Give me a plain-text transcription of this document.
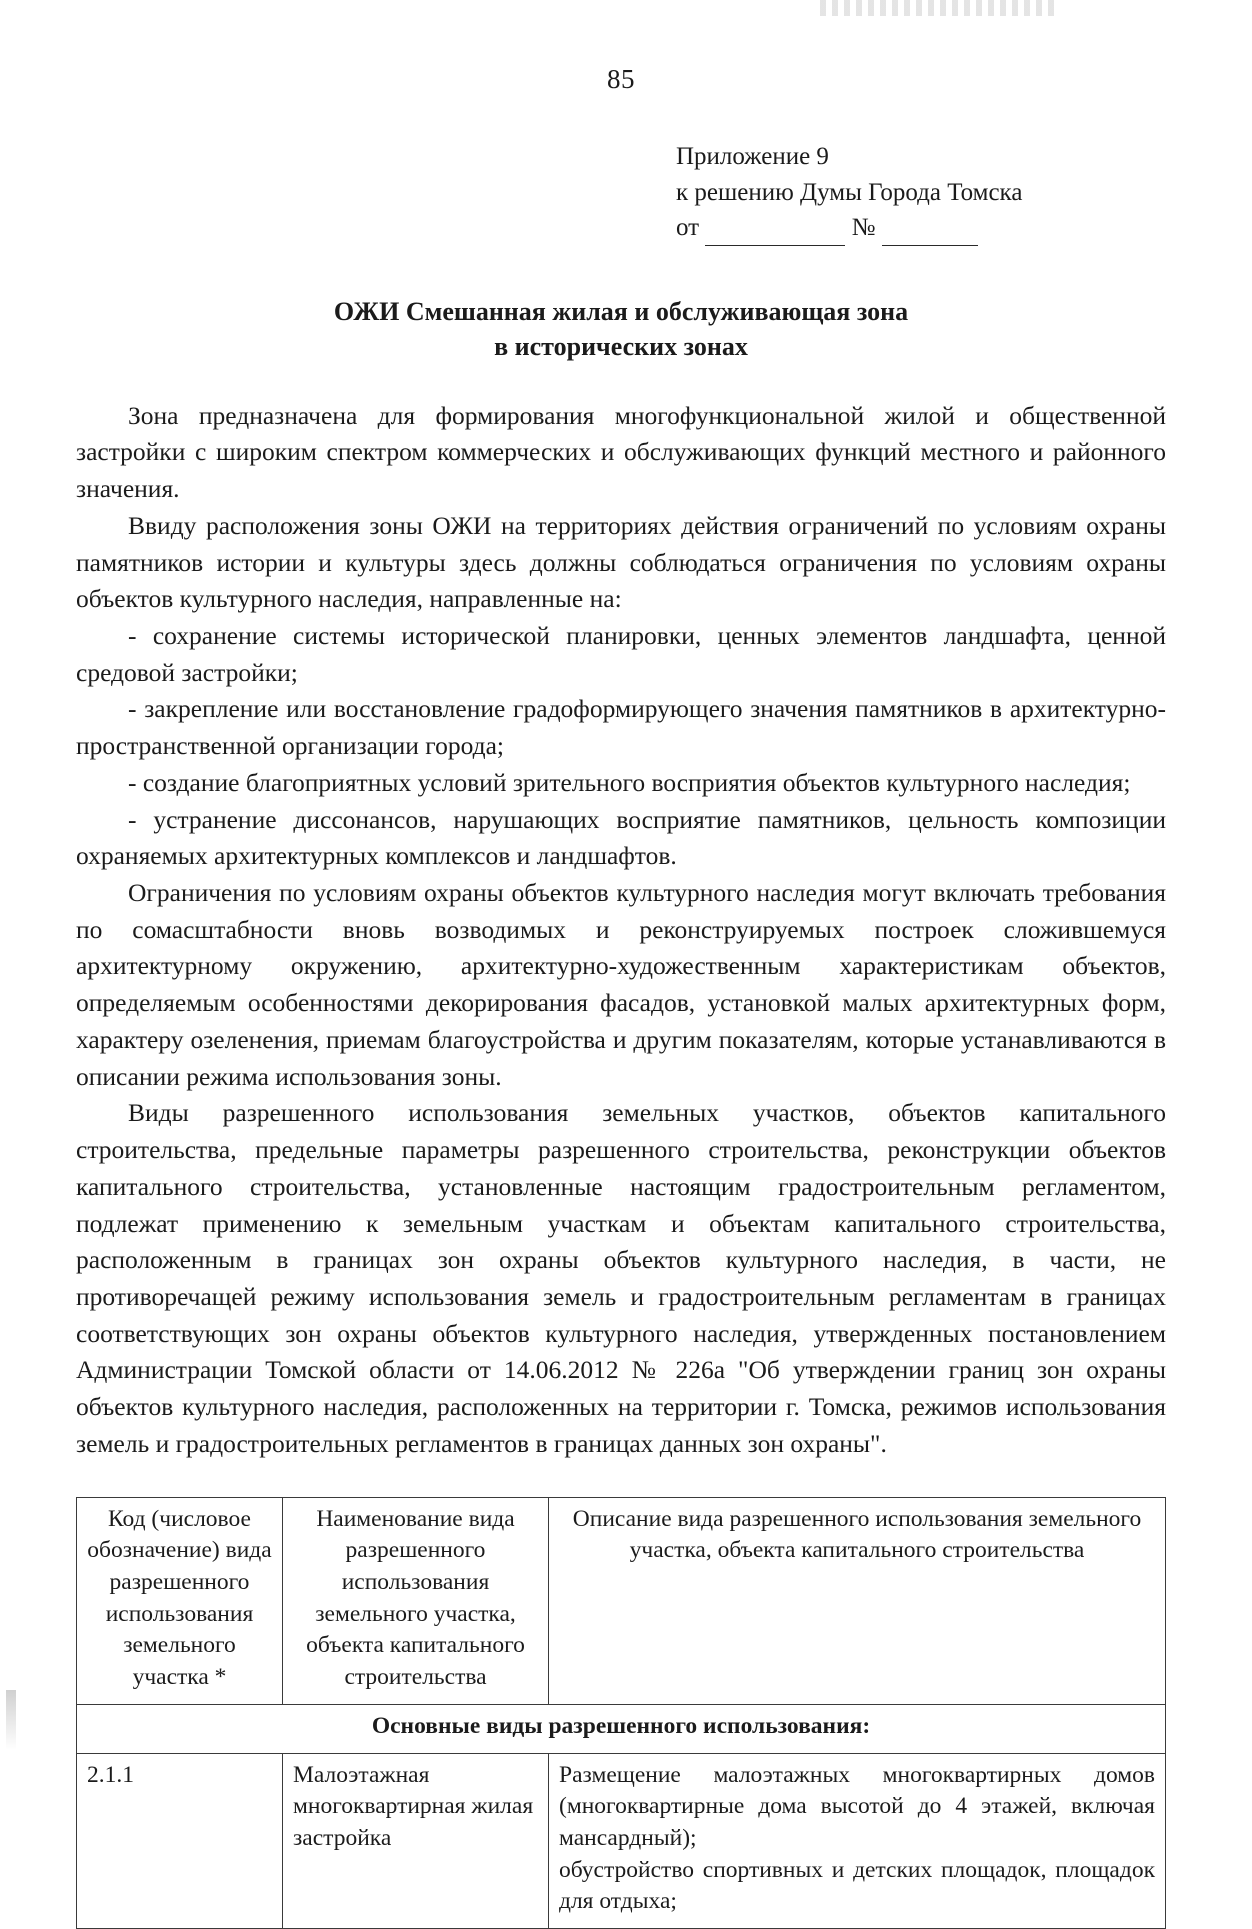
85
Приложение 9
к решению Думы Города Томска
от	№
ОЖИ Смешанная жилая и обслуживающая зона
в исторических зонах

Зона предназначена для формирования многофункциональной жилой и общественной застройки с широким спектром коммерческих и обслуживающих функций местного и районного значения.

Ввиду расположения зоны ОЖИ на территориях действия ограничений по условиям охраны памятников истории и культуры здесь должны соблюдаться ограничения по условиям охраны объектов культурного наследия, направленные на:

- сохранение системы исторической планировки, ценных элементов ландшафта, ценной средовой застройки;

- закрепление или восстановление градоформирующего значения памятников в архитектурно-пространственной организации города;

- создание благоприятных условий зрительного восприятия объектов культурного наследия;

- устранение диссонансов, нарушающих восприятие памятников, цельность композиции охраняемых архитектурных комплексов и ландшафтов.

Ограничения по условиям охраны объектов культурного наследия могут включать требования по сомасштабности вновь возводимых и реконструируемых построек сложившемуся архитектурному окружению, архитектурно-художественным характеристикам объектов, определяемым особенностями декорирования фасадов, установкой малых архитектурных форм, характеру озеленения, приемам благоустройства и другим показателям, которые устанавливаются в описании режима использования зоны.

Виды разрешенного использования земельных участков, объектов капитального строительства, предельные параметры разрешенного строительства, реконструкции объектов капитального строительства, установленные настоящим градостроительным регламентом, подлежат применению к земельным участкам и объектам капитального строительства, расположенным в границах зон охраны объектов культурного наследия, в части, не противоречащей режиму использования земель и градостроительным регламентам в границах соответствующих зон охраны объектов культурного наследия, утвержденных постановлением Администрации Томской области от 14.06.2012 № 226а "Об утверждении границ зон охраны объектов культурного наследия, расположенных на территории г. Томска, режимов использования земель и градостроительных регламентов в границах данных зон охраны".

Код (числовое обозначение) вида разрешенного использования земельного участка *	Наименование вида разрешенного использования земельного участка, объекта капитального строительства	Описание вида разрешенного использования земельного участка, объекта капитального строительства
Основные виды разрешенного использования:		
2.1.1	Малоэтажная многоквартирная жилая застройка	Размещение малоэтажных многоквартирных домов (многоквартирные дома высотой до 4 этажей, включая мансардный);

обустройство спортивных и детских площадок, площадок для отдыха;
